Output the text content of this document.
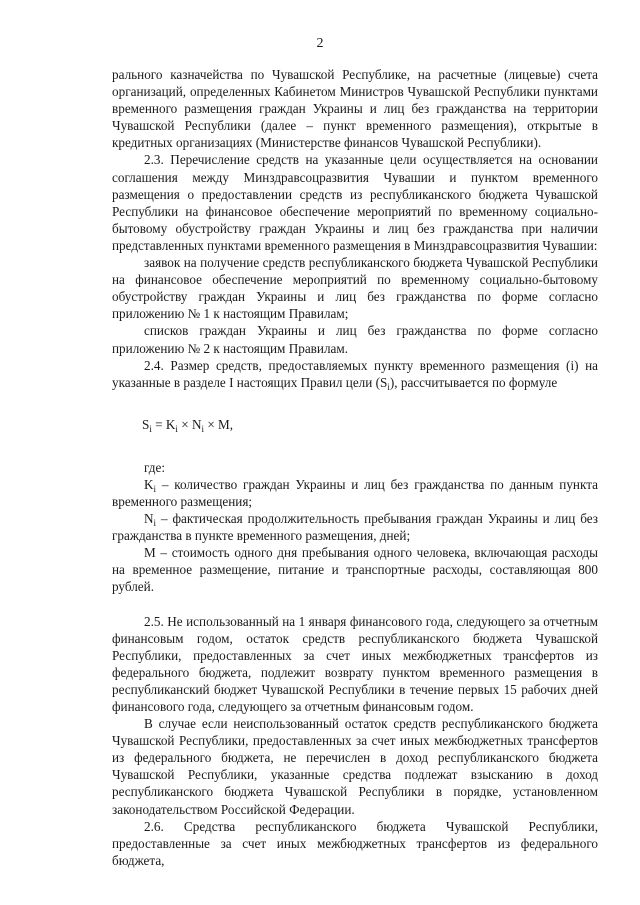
2

рального казначейства по Чувашской Республике, на расчетные (лицевые) счета организаций, определенных Кабинетом Министров Чувашской Республики пунктами временного размещения граждан Украины и лиц без гражданства на территории Чувашской Республики (далее – пункт временного размещения), открытые в кредитных организациях (Министерстве финансов Чувашской Республики).

2.3. Перечисление средств на указанные цели осуществляется на основании соглашения между Минздравсоцразвития Чувашии и пунктом временного размещения о предоставлении средств из республиканского бюджета Чувашской Республики на финансовое обеспечение мероприятий по временному социально-бытовому обустройству граждан Украины и лиц без гражданства при наличии представленных пунктами временного размещения в Минздравсоцразвития Чувашии:

заявок на получение средств республиканского бюджета Чувашской Республики на финансовое обеспечение мероприятий по временному социально-бытовому обустройству граждан Украины и лиц без гражданства по форме согласно приложению № 1 к настоящим Правилам;

списков граждан Украины и лиц без гражданства по форме согласно приложению № 2 к настоящим Правилам.

2.4. Размер средств, предоставляемых пункту временного размещения (i) на указанные в разделе I настоящих Правил цели $(S_i)$, рассчитывается по формуле

$S_i = K_i \times N_i \times M$,

где:

$K_i$ – количество граждан Украины и лиц без гражданства по данным пункта временного размещения;

$N_i$ – фактическая продолжительность пребывания граждан Украины и лиц без гражданства в пункте временного размещения, дней;

M – стоимость одного дня пребывания одного человека, включающая расходы на временное размещение, питание и транспортные расходы, составляющая 800 рублей.

2.5. Не использованный на 1 января финансового года, следующего за отчетным финансовым годом, остаток средств республиканского бюджета Чувашской Республики, предоставленных за счет иных межбюджетных трансфертов из федерального бюджета, подлежит возврату пунктом временного размещения в республиканский бюджет Чувашской Республики в течение первых 15 рабочих дней финансового года, следующего за отчетным финансовым годом.

В случае если неиспользованный остаток средств республиканского бюджета Чувашской Республики, предоставленных за счет иных межбюджетных трансфертов из федерального бюджета, не перечислен в доход республиканского бюджета Чувашской Республики, указанные средства подлежат взысканию в доход республиканского бюджета Чувашской Республики в порядке, установленном законодательством Российской Федерации.

2.6. Средства республиканского бюджета Чувашской Республики, предоставленные за счет иных межбюджетных трансфертов из федерального бюджета,
